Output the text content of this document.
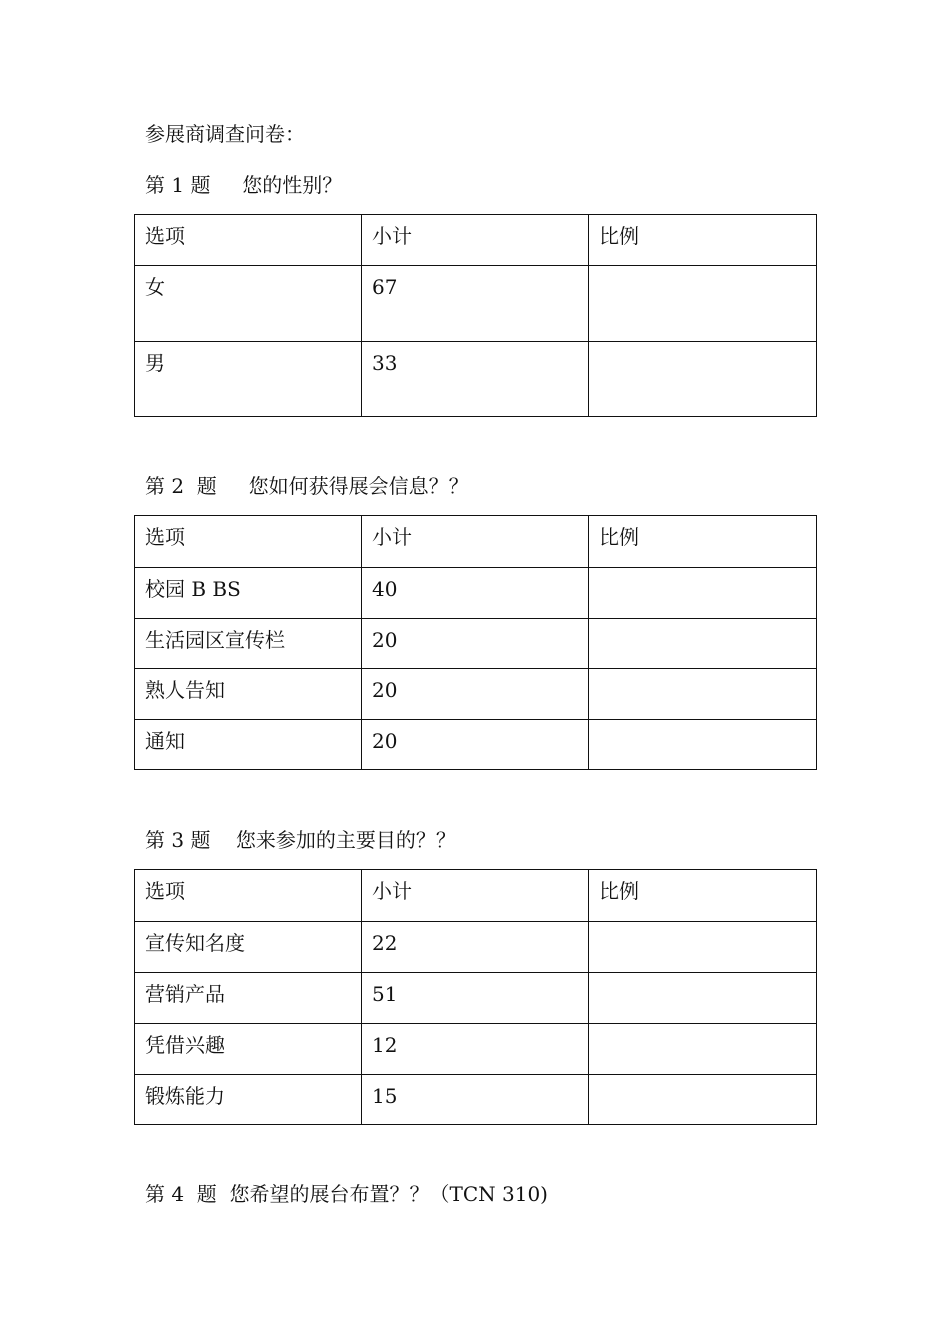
参展商调查问卷：
第 1 题     您的性别？
选项	小计	比例
女	67	
男	33	
第 2  题     您如何获得展会信息？？
选项	小计	比例
校园 B BS	40	
生活园区宣传栏	20	
熟人告知	20	
通知	20	
第 3 题    您来参加的主要目的？？
选项	小计	比例
宣传知名度	22	
营销产品	51	
凭借兴趣	12	
锻炼能力	15	
第 4  题  您希望的展台布置？？（TCN 310)
